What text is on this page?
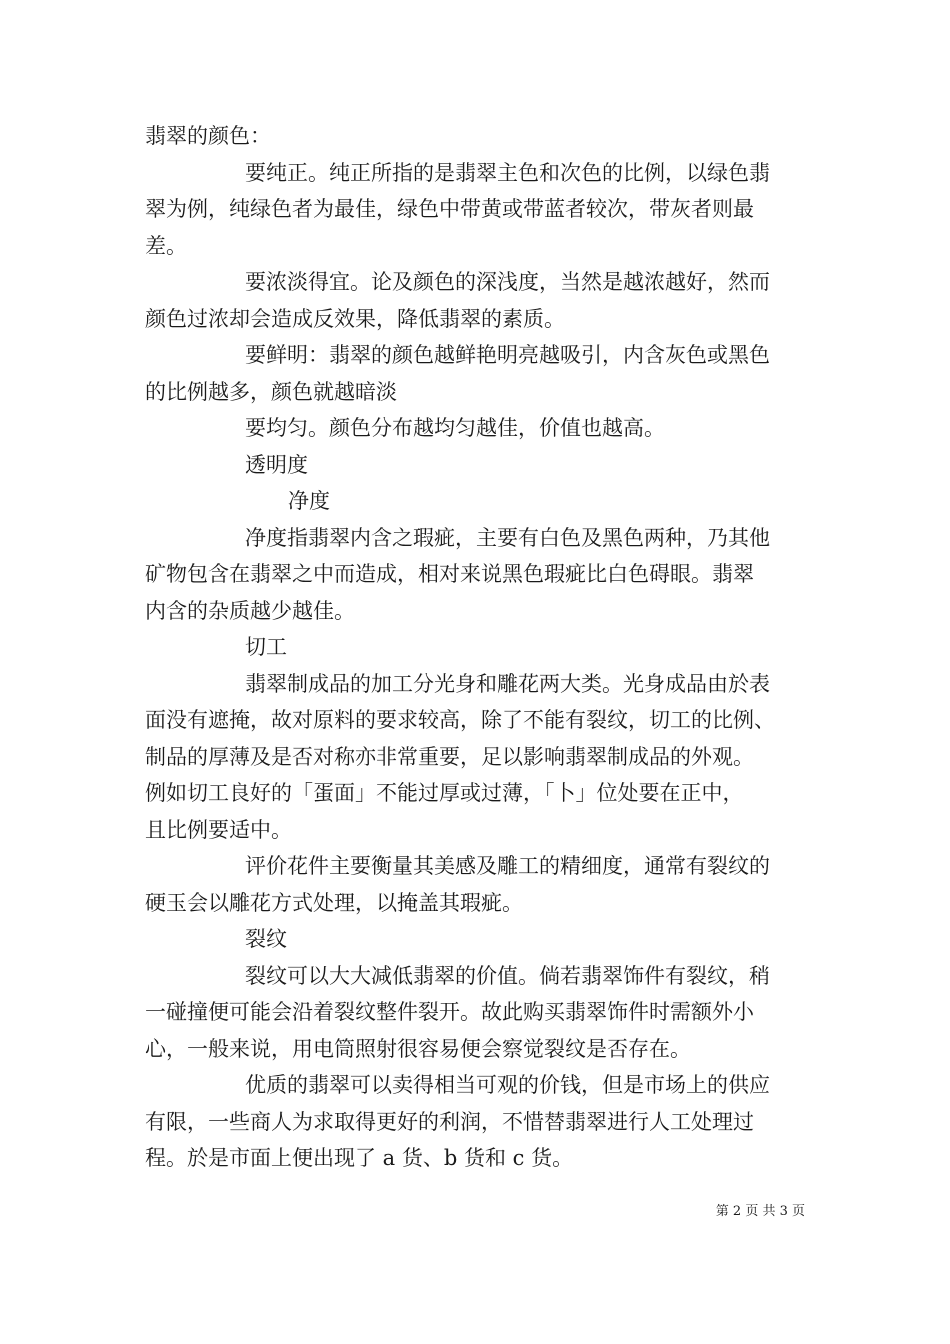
翡翠的颜色：
要纯正。纯正所指的是翡翠主色和次色的比例，以绿色翡
翠为例，纯绿色者为最佳，绿色中带黄或带蓝者较次，带灰者则最
差。
要浓淡得宜。论及颜色的深浅度，当然是越浓越好，然而
颜色过浓却会造成反效果，降低翡翠的素质。
要鲜明：翡翠的颜色越鲜艳明亮越吸引，内含灰色或黑色
的比例越多，颜色就越暗淡
要均匀。颜色分布越均匀越佳，价值也越高。
透明度
净度
净度指翡翠内含之瑕疵，主要有白色及黑色两种，乃其他
矿物包含在翡翠之中而造成，相对来说黑色瑕疵比白色碍眼。翡翠
内含的杂质越少越佳。
切工
翡翠制成品的加工分光身和雕花两大类。光身成品由於表
面没有遮掩，故对原料的要求较高，除了不能有裂纹，切工的比例、
制品的厚薄及是否对称亦非常重要，足以影响翡翠制成品的外观。
例如切工良好的「蛋面」不能过厚或过薄，「卜」位处要在正中，
且比例要适中。
评价花件主要衡量其美感及雕工的精细度，通常有裂纹的
硬玉会以雕花方式处理，以掩盖其瑕疵。
裂纹
裂纹可以大大减低翡翠的价值。倘若翡翠饰件有裂纹，稍
一碰撞便可能会沿着裂纹整件裂开。故此购买翡翠饰件时需额外小
心，一般来说，用电筒照射很容易便会察觉裂纹是否存在。
优质的翡翠可以卖得相当可观的价钱，但是市场上的供应
有限，一些商人为求取得更好的利润，不惜替翡翠进行人工处理过
程。於是市面上便出现了 a 货、b 货和 c 货。
第 2 页 共 3 页
